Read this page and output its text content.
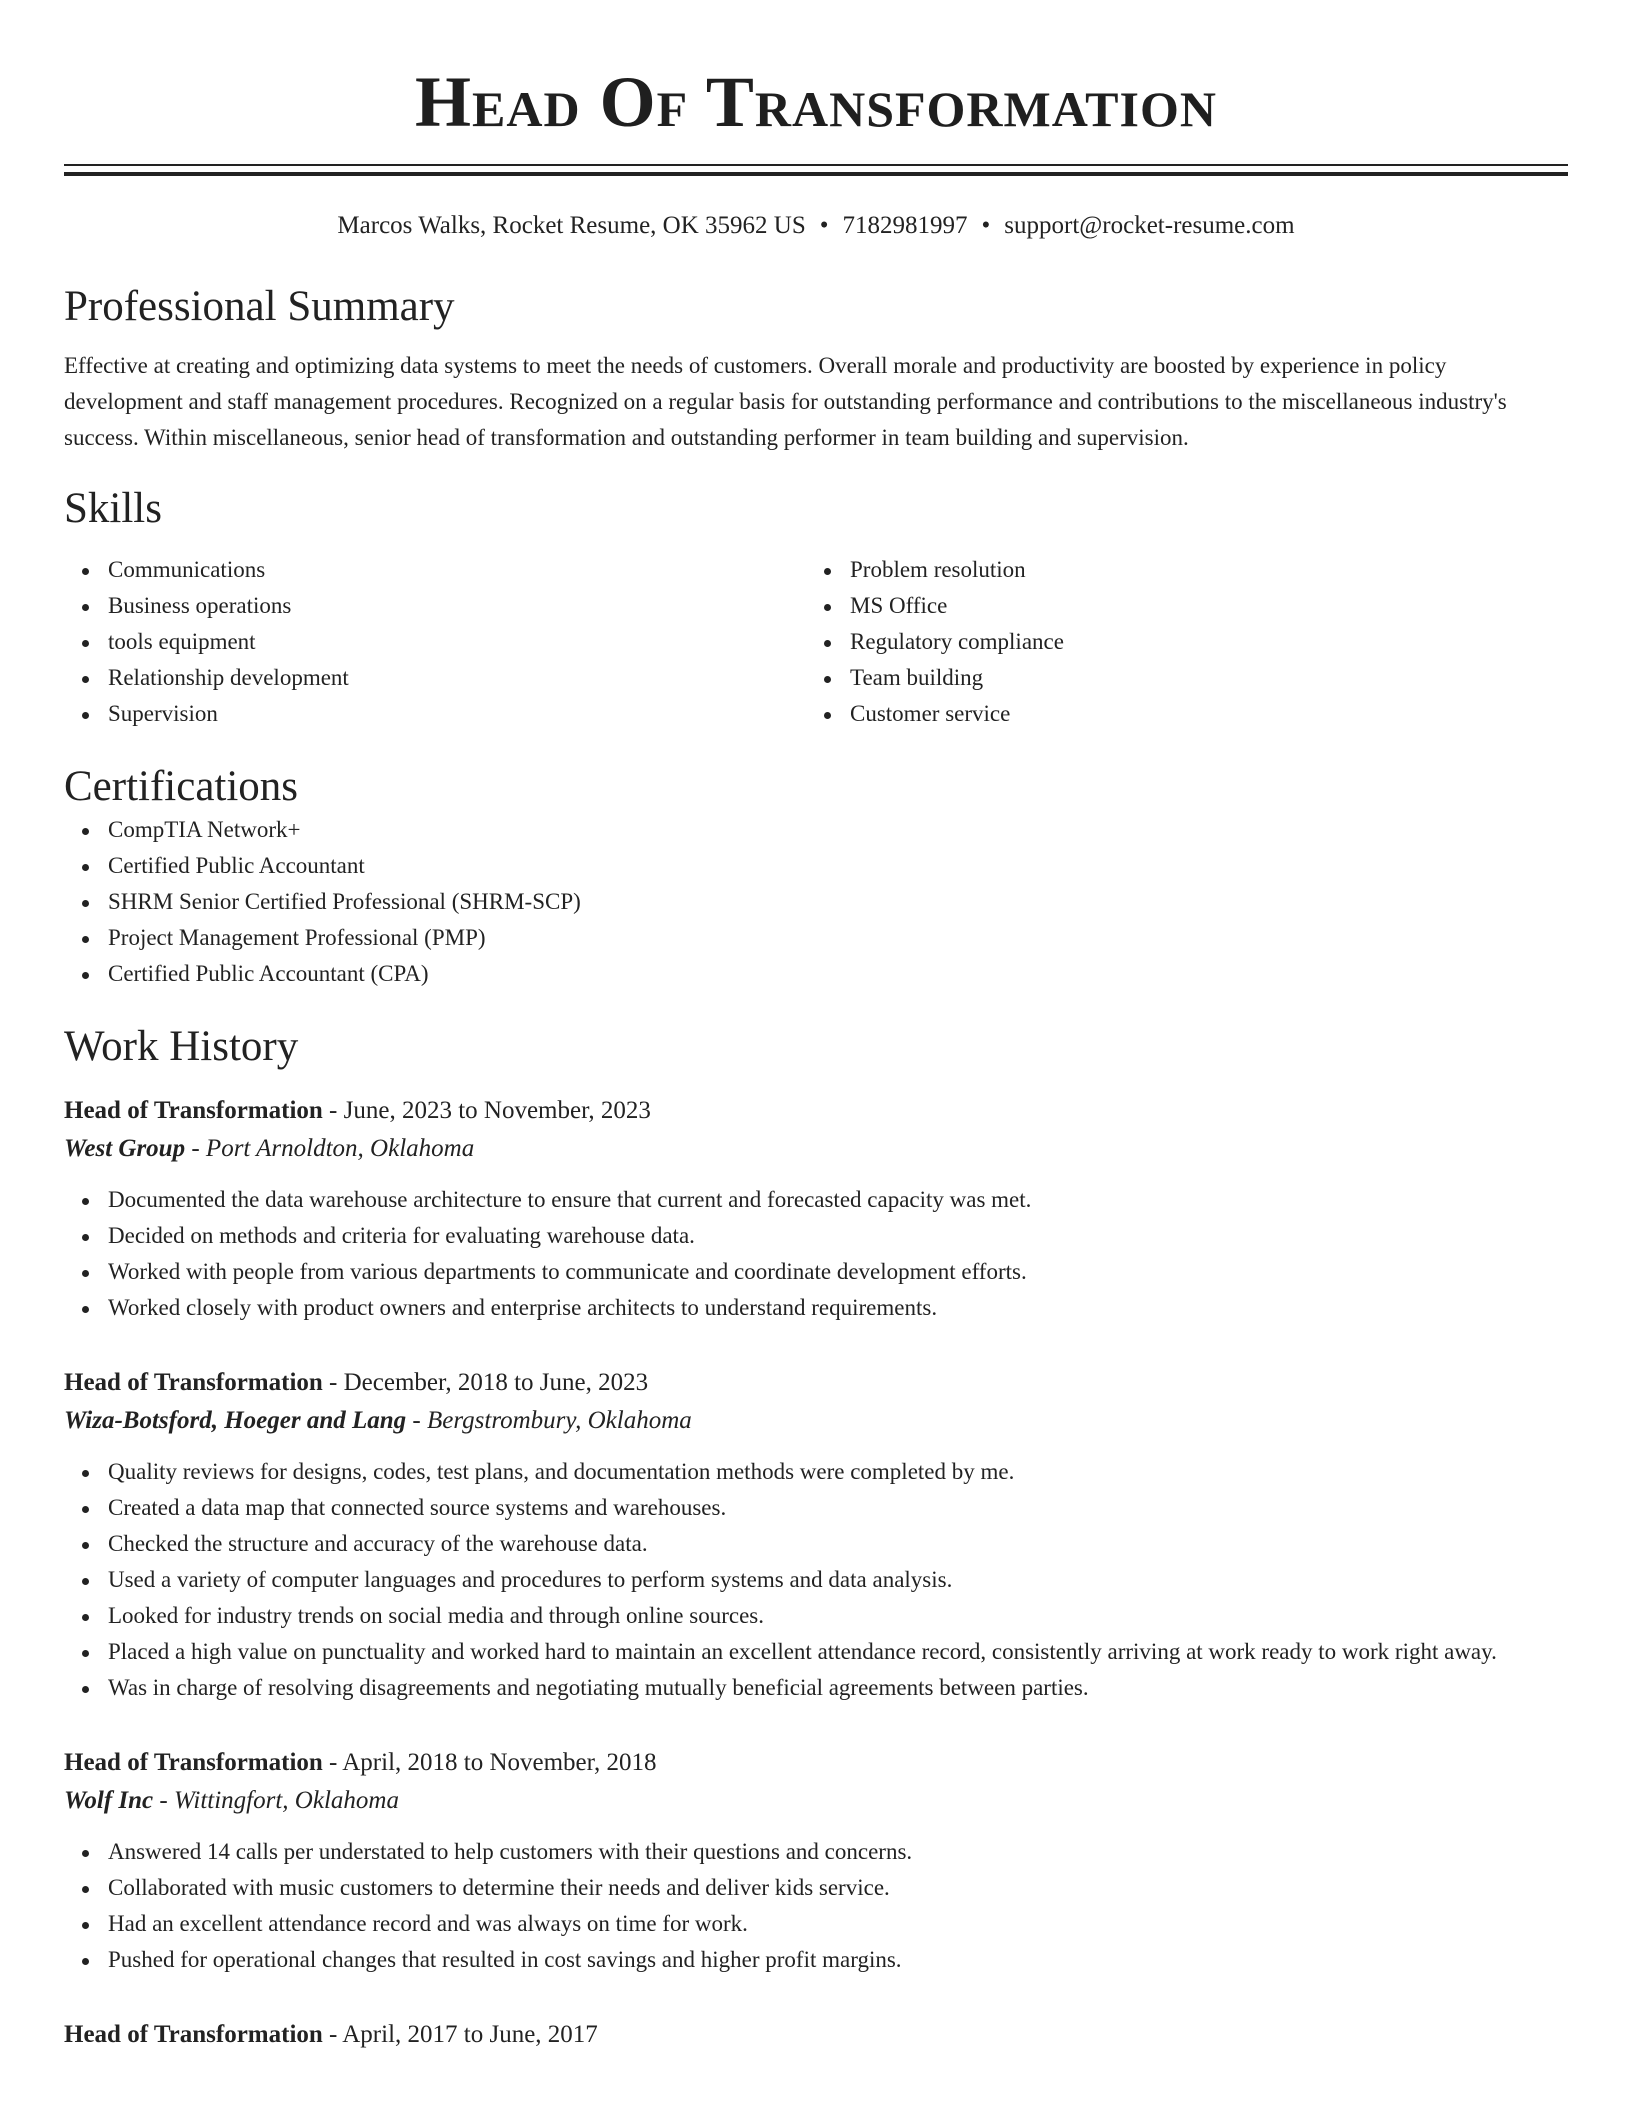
Head Of Transformation
Marcos Walks, Rocket Resume, OK 35962 US • 7182981997 • support@rocket-resume.com
Professional Summary
Effective at creating and optimizing data systems to meet the needs of customers. Overall morale and productivity are boosted by experience in policy development and staff management procedures. Recognized on a regular basis for outstanding performance and contributions to the miscellaneous industry's success. Within miscellaneous, senior head of transformation and outstanding performer in team building and supervision.
Skills
Communications
Business operations
tools equipment
Relationship development
Supervision
Problem resolution
MS Office
Regulatory compliance
Team building
Customer service
Certifications
CompTIA Network+
Certified Public Accountant
SHRM Senior Certified Professional (SHRM-SCP)
Project Management Professional (PMP)
Certified Public Accountant (CPA)
Work History
Head of Transformation - June, 2023 to November, 2023
West Group - Port Arnoldton, Oklahoma
Documented the data warehouse architecture to ensure that current and forecasted capacity was met.
Decided on methods and criteria for evaluating warehouse data.
Worked with people from various departments to communicate and coordinate development efforts.
Worked closely with product owners and enterprise architects to understand requirements.
Head of Transformation - December, 2018 to June, 2023
Wiza-Botsford, Hoeger and Lang - Bergstrombury, Oklahoma
Quality reviews for designs, codes, test plans, and documentation methods were completed by me.
Created a data map that connected source systems and warehouses.
Checked the structure and accuracy of the warehouse data.
Used a variety of computer languages and procedures to perform systems and data analysis.
Looked for industry trends on social media and through online sources.
Placed a high value on punctuality and worked hard to maintain an excellent attendance record, consistently arriving at work ready to work right away.
Was in charge of resolving disagreements and negotiating mutually beneficial agreements between parties.
Head of Transformation - April, 2018 to November, 2018
Wolf Inc - Wittingfort, Oklahoma
Answered 14 calls per understated to help customers with their questions and concerns.
Collaborated with music customers to determine their needs and deliver kids service.
Had an excellent attendance record and was always on time for work.
Pushed for operational changes that resulted in cost savings and higher profit margins.
Head of Transformation - April, 2017 to June, 2017
